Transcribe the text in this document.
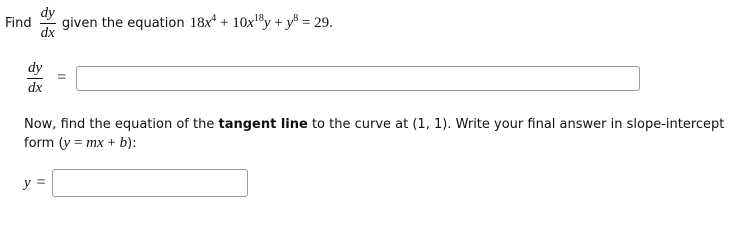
Find $\frac{dy}{dx}$ given the equation $18x^4 + 10x^{18}y + y^8 = 29$.
$\frac{dy}{dx}$ =
Now, find the equation of the tangent line to the curve at (1, 1). Write your final answer in slope-intercept form (y = mx + b):
y =
